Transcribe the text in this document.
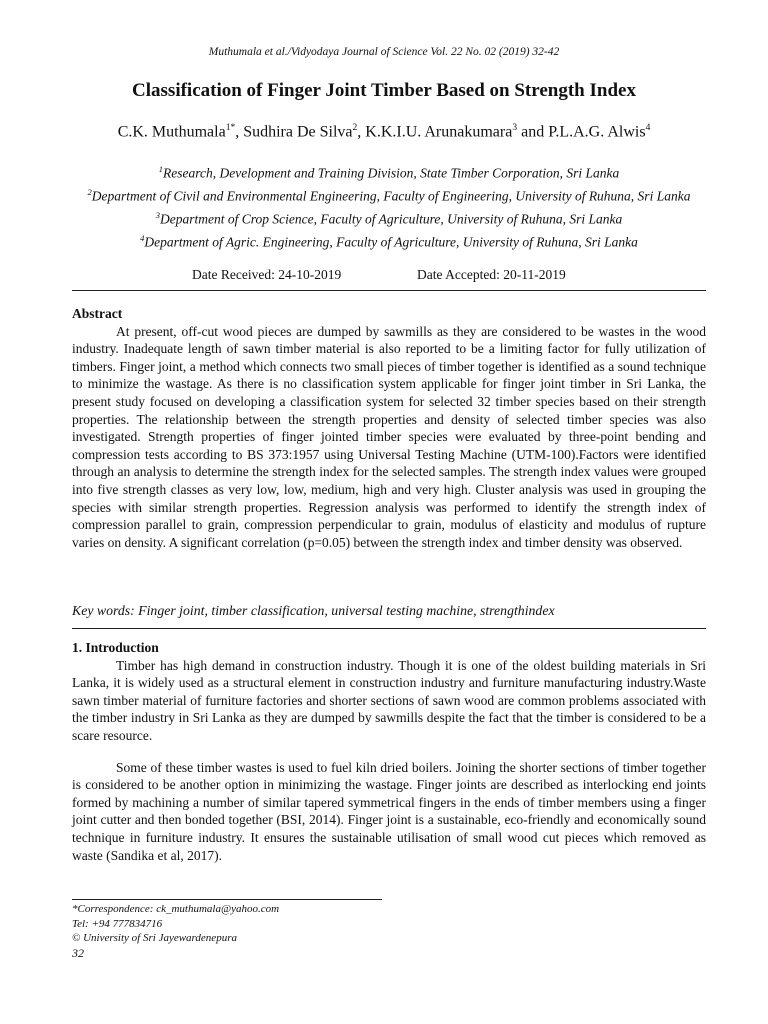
Muthumala et al./Vidyodaya Journal of Science Vol. 22 No. 02 (2019) 32-42
Classification of Finger Joint Timber Based on Strength Index
C.K. Muthumala$^{1*}$, Sudhira De Silva$^2$, K.K.I.U. Arunakumara$^3$ and P.L.A.G. Alwis$^4$
$^1$Research, Development and Training Division, State Timber Corporation, Sri Lanka
$^2$Department of Civil and Environmental Engineering, Faculty of Engineering, University of Ruhuna, Sri Lanka
$^3$Department of Crop Science, Faculty of Agriculture, University of Ruhuna, Sri Lanka
$^4$Department of Agric. Engineering, Faculty of Agriculture, University of Ruhuna, Sri Lanka
Date Received: 24-10-2019	Date Accepted: 20-11-2019
Abstract

At present, off-cut wood pieces are dumped by sawmills as they are considered to be wastes in the wood industry. Inadequate length of sawn timber material is also reported to be a limiting factor for fully utilization of timbers. Finger joint, a method which connects two small pieces of timber together is identified as a sound technique to minimize the wastage. As there is no classification system applicable for finger joint timber in Sri Lanka, the present study focused on developing a classification system for selected 32 timber species based on their strength properties. The relationship between the strength properties and density of selected timber species was also investigated. Strength properties of finger jointed timber species were evaluated by three-point bending and compression tests according to BS 373:1957 using Universal Testing Machine (UTM-100).Factors were identified through an analysis to determine the strength index for the selected samples. The strength index values were grouped into five strength classes as very low, low, medium, high and very high. Cluster analysis was used in grouping the species with similar strength properties. Regression analysis was performed to identify the strength index of compression parallel to grain, compression perpendicular to grain, modulus of elasticity and modulus of rupture varies on density. A significant correlation (p=0.05) between the strength index and timber density was observed.

Key words: Finger joint, timber classification, universal testing machine, strengthindex
1. Introduction

Timber has high demand in construction industry. Though it is one of the oldest building materials in Sri Lanka, it is widely used as a structural element in construction industry and furniture manufacturing industry.Waste sawn timber material of furniture factories and shorter sections of sawn wood are common problems associated with the timber industry in Sri Lanka as they are dumped by sawmills despite the fact that the timber is considered to be a scare resource.

Some of these timber wastes is used to fuel kiln dried boilers. Joining the shorter sections of timber together is considered to be another option in minimizing the wastage. Finger joints are described as interlocking end joints formed by machining a number of similar tapered symmetrical fingers in the ends of timber members using a finger joint cutter and then bonded together (BSI, 2014). Finger joint is a sustainable, eco-friendly and economically sound technique in furniture industry. It ensures the sustainable utilisation of small wood cut pieces which removed as waste (Sandika et al, 2017).

*Correspondence: ck_muthumala@yahoo.com
Tel: +94 777834716
© University of Sri Jayewardenepura
32
